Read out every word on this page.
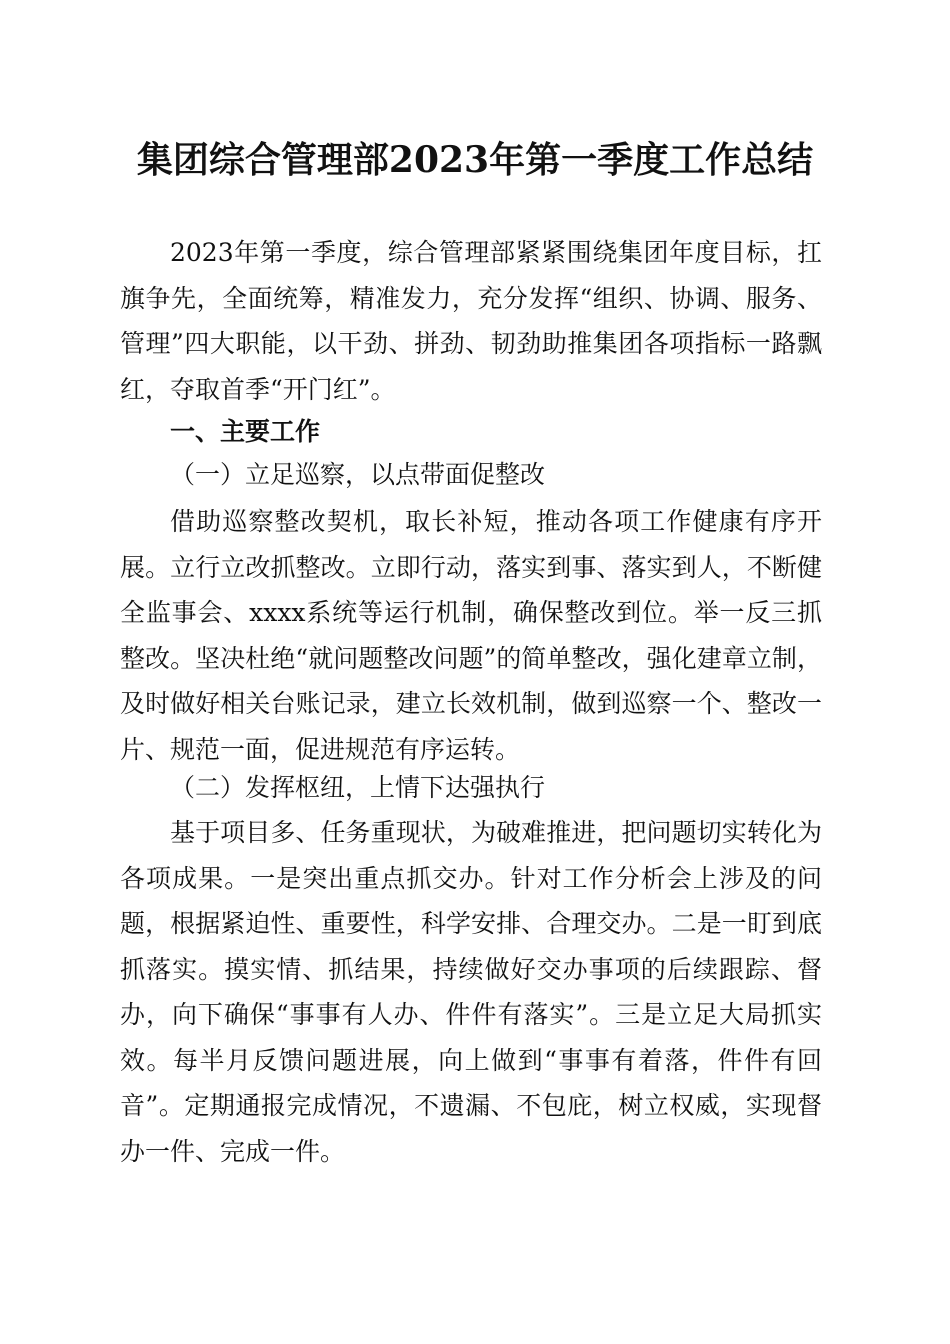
集团综合管理部2023年第一季度工作总结

2023年第一季度，综合管理部紧紧围绕集团年度目标，扛旗争先，全面统筹，精准发力，充分发挥“组织、协调、服务、管理”四大职能，以干劲、拼劲、韧劲助推集团各项指标一路飘红，夺取首季“开门红”。

一、主要工作

（一）立足巡察，以点带面促整改

借助巡察整改契机，取长补短，推动各项工作健康有序开展。立行立改抓整改。立即行动，落实到事、落实到人，不断健全监事会、xxxx系统等运行机制，确保整改到位。举一反三抓整改。坚决杜绝“就问题整改问题”的简单整改，强化建章立制，及时做好相关台账记录，建立长效机制，做到巡察一个、整改一片、规范一面，促进规范有序运转。

（二）发挥枢纽，上情下达强执行

基于项目多、任务重现状，为破难推进，把问题切实转化为各项成果。一是突出重点抓交办。针对工作分析会上涉及的问题，根据紧迫性、重要性，科学安排、合理交办。二是一盯到底抓落实。摸实情、抓结果，持续做好交办事项的后续跟踪、督办，向下确保“事事有人办、件件有落实”。三是立足大局抓实效。每半月反馈问题进展，向上做到“事事有着落，件件有回音”。定期通报完成情况，不遗漏、不包庇，树立权威，实现督办一件、完成一件。
